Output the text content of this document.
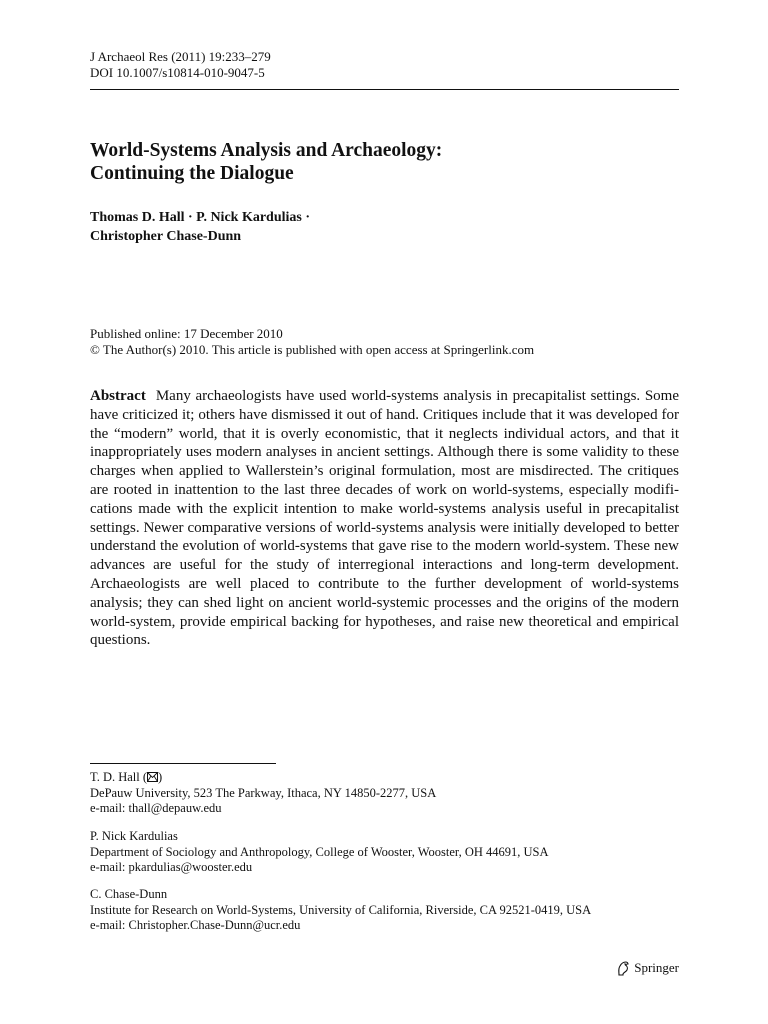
J Archaeol Res (2011) 19:233–279
DOI 10.1007/s10814-010-9047-5
World-Systems Analysis and Archaeology:
Continuing the Dialogue
Thomas D. Hall · P. Nick Kardulias ·
Christopher Chase-Dunn
Published online: 17 December 2010
© The Author(s) 2010. This article is published with open access at Springerlink.com

Abstract Many archaeologists have used world-systems analysis in precapitalist settings. Some have criticized it; others have dismissed it out of hand. Critiques include that it was developed for the “modern” world, that it is overly economistic, that it neglects individual actors, and that it inappropriately uses modern analyses in ancient settings. Although there is some validity to these charges when applied to Wallerstein’s original formulation, most are misdirected. The critiques are rooted in inattention to the last three decades of work on world-systems, especially modifications made with the explicit intention to make world-systems analysis useful in precapitalist settings. Newer comparative versions of world-systems analysis were initially developed to better understand the evolution of world-systems that gave rise to the modern world-system. These new advances are useful for the study of interregional interactions and long-term development. Archaeologists are well placed to contribute to the further development of world-systems analysis; they can shed light on ancient world-systemic processes and the origins of the modern world-system, provide empirical backing for hypotheses, and raise new theoretical and empirical questions.

T. D. Hall ( )
DePauw University, 523 The Parkway, Ithaca, NY 14850-2277, USA
e-mail: thall@depauw.edu
P. Nick Kardulias
Department of Sociology and Anthropology, College of Wooster, Wooster, OH 44691, USA
e-mail: pkardulias@wooster.edu
C. Chase-Dunn
Institute for Research on World-Systems, University of California, Riverside, CA 92521-0419, USA
e-mail: Christopher.Chase-Dunn@ucr.edu
Springer
